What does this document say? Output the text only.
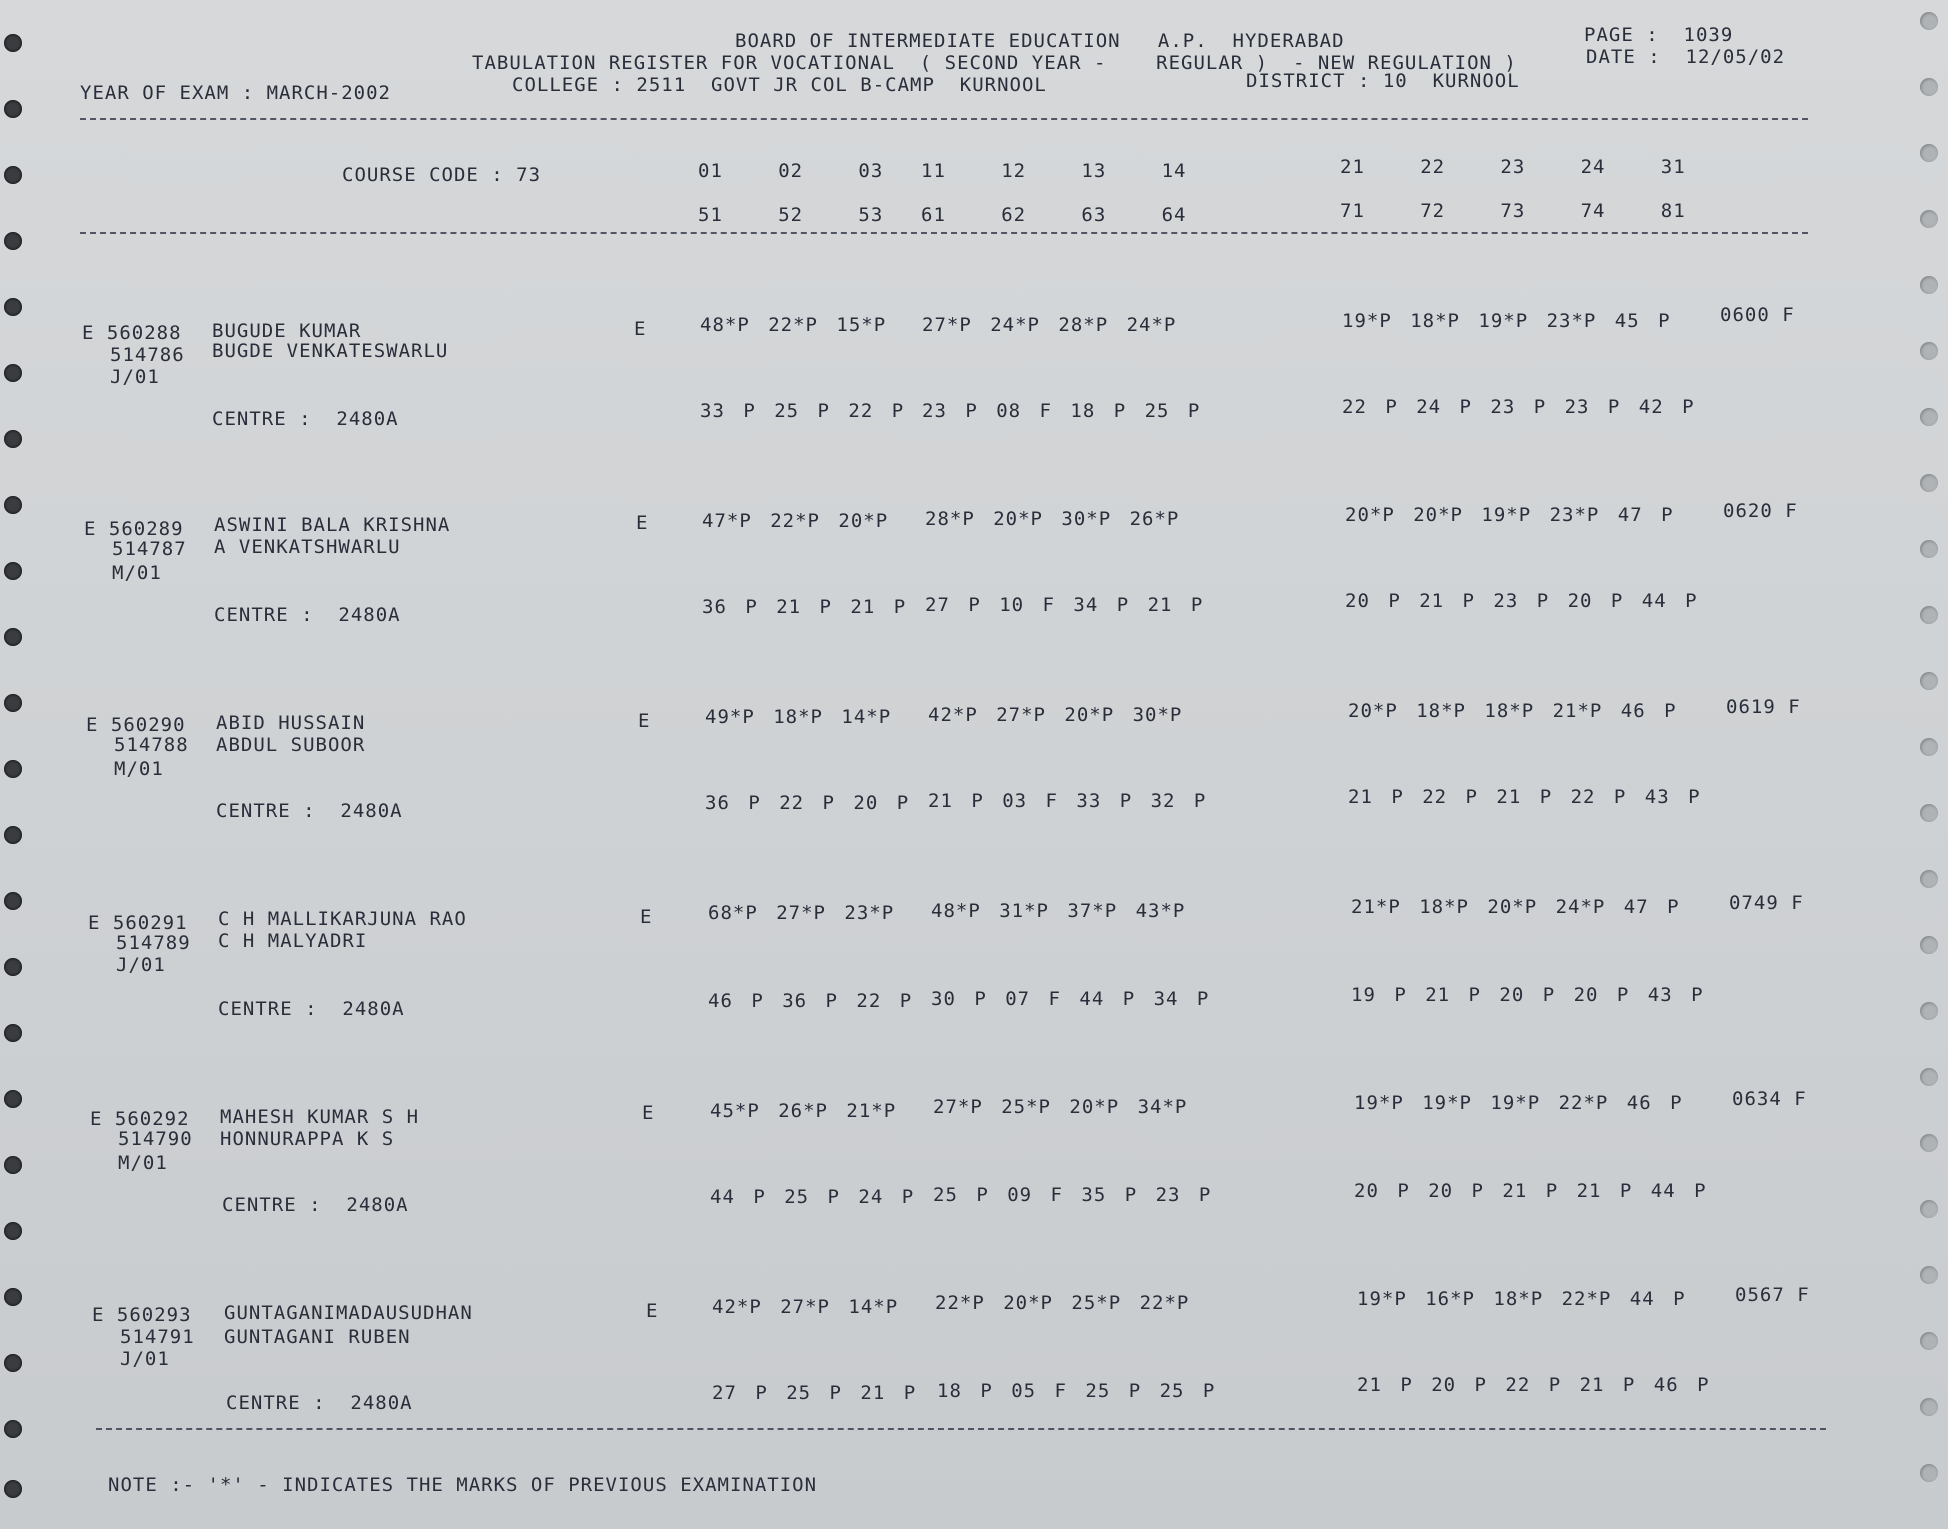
BOARD OF INTERMEDIATE EDUCATION   A.P.  HYDERABAD
TABULATION REGISTER FOR VOCATIONAL  ( SECOND YEAR -    REGULAR )  - NEW REGULATION )
COLLEGE : 2511  GOVT JR COL B-CAMP  KURNOOL	DISTRICT : 10  KURNOOL
PAGE :  1039
DATE :  12/05/02
YEAR OF EXAM : MARCH-2002
COURSE CODE : 73	01   02   03 11   12   13   14	21   22   23   24   31
51   52   53 61   62   63   64	71   72   73   74   81
E 560288 BUGUDE KUMAR
514786 BUGDE VENKATESWARLU
J/01
E	48*P 22*P 15*P 27*P 24*P 28*P 24*P	19*P 18*P 19*P 23*P 45 P	0600 F
CENTRE :  2480A	33 P 25 P 22 P 23 P 08 F 18 P 25 P	22 P 24 P 23 P 23 P 42 P
E 560289 ASWINI BALA KRISHNA
514787 A VENKATSHWARLU
M/01
E	47*P 22*P 20*P 28*P 20*P 30*P 26*P	20*P 20*P 19*P 23*P 47 P	0620 F
CENTRE :  2480A	36 P 21 P 21 P 27 P 10 F 34 P 21 P	20 P 21 P 23 P 20 P 44 P
E 560290 ABID HUSSAIN
514788 ABDUL SUBOOR
M/01
E	49*P 18*P 14*P 42*P 27*P 20*P 30*P	20*P 18*P 18*P 21*P 46 P	0619 F
CENTRE :  2480A	36 P 22 P 20 P 21 P 03 F 33 P 32 P	21 P 22 P 21 P 22 P 43 P
E 560291 C H MALLIKARJUNA RAO
514789 C H MALYADRI
J/01
E	68*P 27*P 23*P 48*P 31*P 37*P 43*P	21*P 18*P 20*P 24*P 47 P	0749 F
CENTRE :  2480A	46 P 36 P 22 P 30 P 07 F 44 P 34 P	19 P 21 P 20 P 20 P 43 P
E 560292 MAHESH KUMAR S H
514790 HONNURAPPA K S
M/01
E	45*P 26*P 21*P 27*P 25*P 20*P 34*P	19*P 19*P 19*P 22*P 46 P	0634 F
CENTRE :  2480A	44 P 25 P 24 P 25 P 09 F 35 P 23 P	20 P 20 P 21 P 21 P 44 P
E 560293 GUNTAGANIMADAUSUDHAN
514791 GUNTAGANI RUBEN
J/01
E	42*P 27*P 14*P 22*P 20*P 25*P 22*P	19*P 16*P 18*P 22*P 44 P	0567 F
CENTRE :  2480A	27 P 25 P 21 P 18 P 05 F 25 P 25 P	21 P 20 P 22 P 21 P 46 P
NOTE :- '*' - INDICATES THE MARKS OF PREVIOUS EXAMINATION
